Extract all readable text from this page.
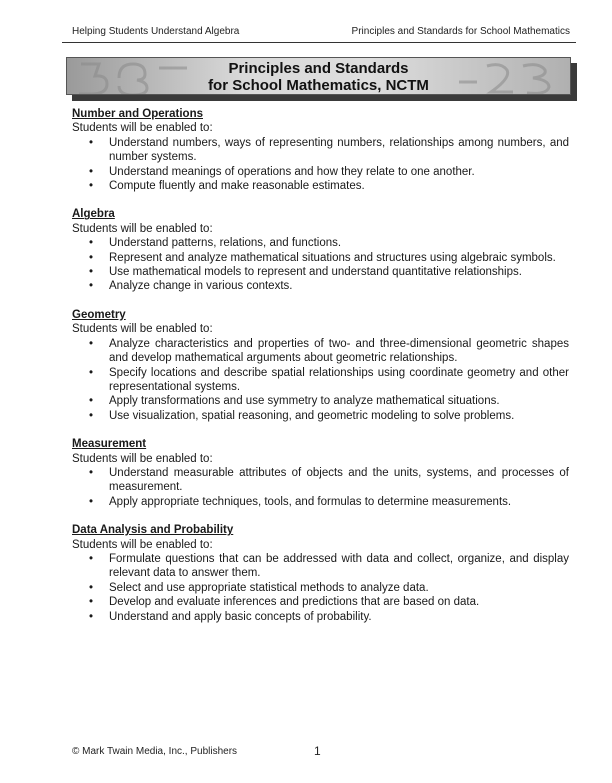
Helping Students Understand Algebra	Principles and Standards for School Mathematics
Principles and Standards
for School Mathematics, NCTM
Number and Operations
Students will be enabled to:
• Understand numbers, ways of representing numbers, relationships among numbers, and number systems.
• Understand meanings of operations and how they relate to one another.
• Compute fluently and make reasonable estimates.
Algebra
Students will be enabled to:
• Understand patterns, relations, and functions.
• Represent and analyze mathematical situations and structures using algebraic symbols.
• Use mathematical models to represent and understand quantitative relationships.
• Analyze change in various contexts.
Geometry
Students will be enabled to:
• Analyze characteristics and properties of two- and three-dimensional geometric shapes and develop mathematical arguments about geometric relationships.
• Specify locations and describe spatial relationships using coordinate geometry and other representational systems.
• Apply transformations and use symmetry to analyze mathematical situations.
• Use visualization, spatial reasoning, and geometric modeling to solve problems.
Measurement
Students will be enabled to:
• Understand measurable attributes of objects and the units, systems, and processes of measurement.
• Apply appropriate techniques, tools, and formulas to determine measurements.
Data Analysis and Probability
Students will be enabled to:
• Formulate questions that can be addressed with data and collect, organize, and display relevant data to answer them.
• Select and use appropriate statistical methods to analyze data.
• Develop and evaluate inferences and predictions that are based on data.
• Understand and apply basic concepts of probability.
© Mark Twain Media, Inc., Publishers	1
